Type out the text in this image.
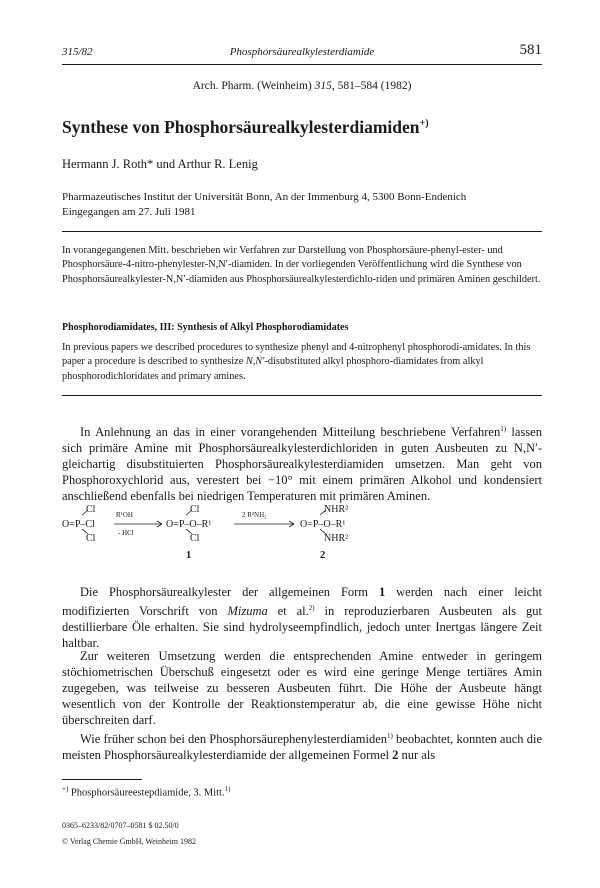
315/82	Phosphorsäurealkylesterdiamide	581
Arch. Pharm. (Weinheim) 315, 581–584 (1982)
Synthese von Phosphorsäurealkylesterdiamiden+)
Hermann J. Roth* und Arthur R. Lenig
Pharmazeutisches Institut der Universität Bonn, An der Immenburg 4, 5300 Bonn-Endenich
Eingegangen am 27. Juli 1981
In vorangegangenen Mitt. beschrieben wir Verfahren zur Darstellung von Phosphorsäure-phenyl-ester- und Phosphorsäure-4-nitro-phenylester-N,N′-diamiden. In der vorliegenden Veröffentlichung wird die Synthese von Phosphorsäurealkylester-N,N′-diamiden aus Phosphorsäurealkylesterdichlo-riden und primären Aminen geschildert.
Phosphorodiamidates, III: Synthesis of Alkyl Phosphorodiamidates
In previous papers we described procedures to synthesize phenyl and 4-nitrophenyl phosphorodi-amidates. In this paper a procedure is described to synthesize N,N′-disubstituted alkyl phosphoro-diamidates from alkyl phosphorodichloridates and primary amines.
In Anlehnung an das in einer vorangehenden Mitteilung beschriebene Verfahren$^{1)}$ lassen sich primäre Amine mit Phosphorsäurealkylesterdichloriden in guten Ausbeuten zu N,N′-gleichartig disubstituierten Phosphorsäurealkylesterdiamiden umsetzen. Man geht von Phosphoroxychlorid aus, verestert bei −10° mit einem primären Alkohol und kondensiert anschließend ebenfalls bei niedrigen Temperaturen mit primären Aminen.
Cl
O=P–Cl
Cl
R¹OH
- HCl
Cl
O=P–O–R¹
Cl
1
2 R²NH₂	NHR²
O=P–O–R¹
NHR²
2
Die Phosphorsäurealkylester der allgemeinen Form 1 werden nach einer leicht modifizierten Vorschrift von Mizuma et al.$^{2)}$ in reproduzierbaren Ausbeuten als gut destillierbare Öle erhalten. Sie sind hydrolyseempfindlich, jedoch unter Inertgas längere Zeit haltbar.
Zur weiteren Umsetzung werden die entsprechenden Amine entweder in geringem stöchiometrischen Überschuß eingesetzt oder es wird eine geringe Menge tertiäres Amin zugegeben, was teilweise zu besseren Ausbeuten führt. Die Höhe der Ausbeute hängt wesentlich von der Kontrolle der Reaktionstemperatur ab, die eine gewisse Höhe nicht überschreiten darf.
Wie früher schon bei den Phosphorsäurephenylesterdiamiden$^{1)}$ beobachtet, konnten auch die meisten Phosphorsäurealkylesterdiamide der allgemeinen Formel 2 nur als
+) Phosphorsäureestерdiamide, 3. Mitt.$^{1)}$
0365–6233/82/0707–0581 $ 02.50/0
© Verlag Chemie GmbH, Weinheim 1982
